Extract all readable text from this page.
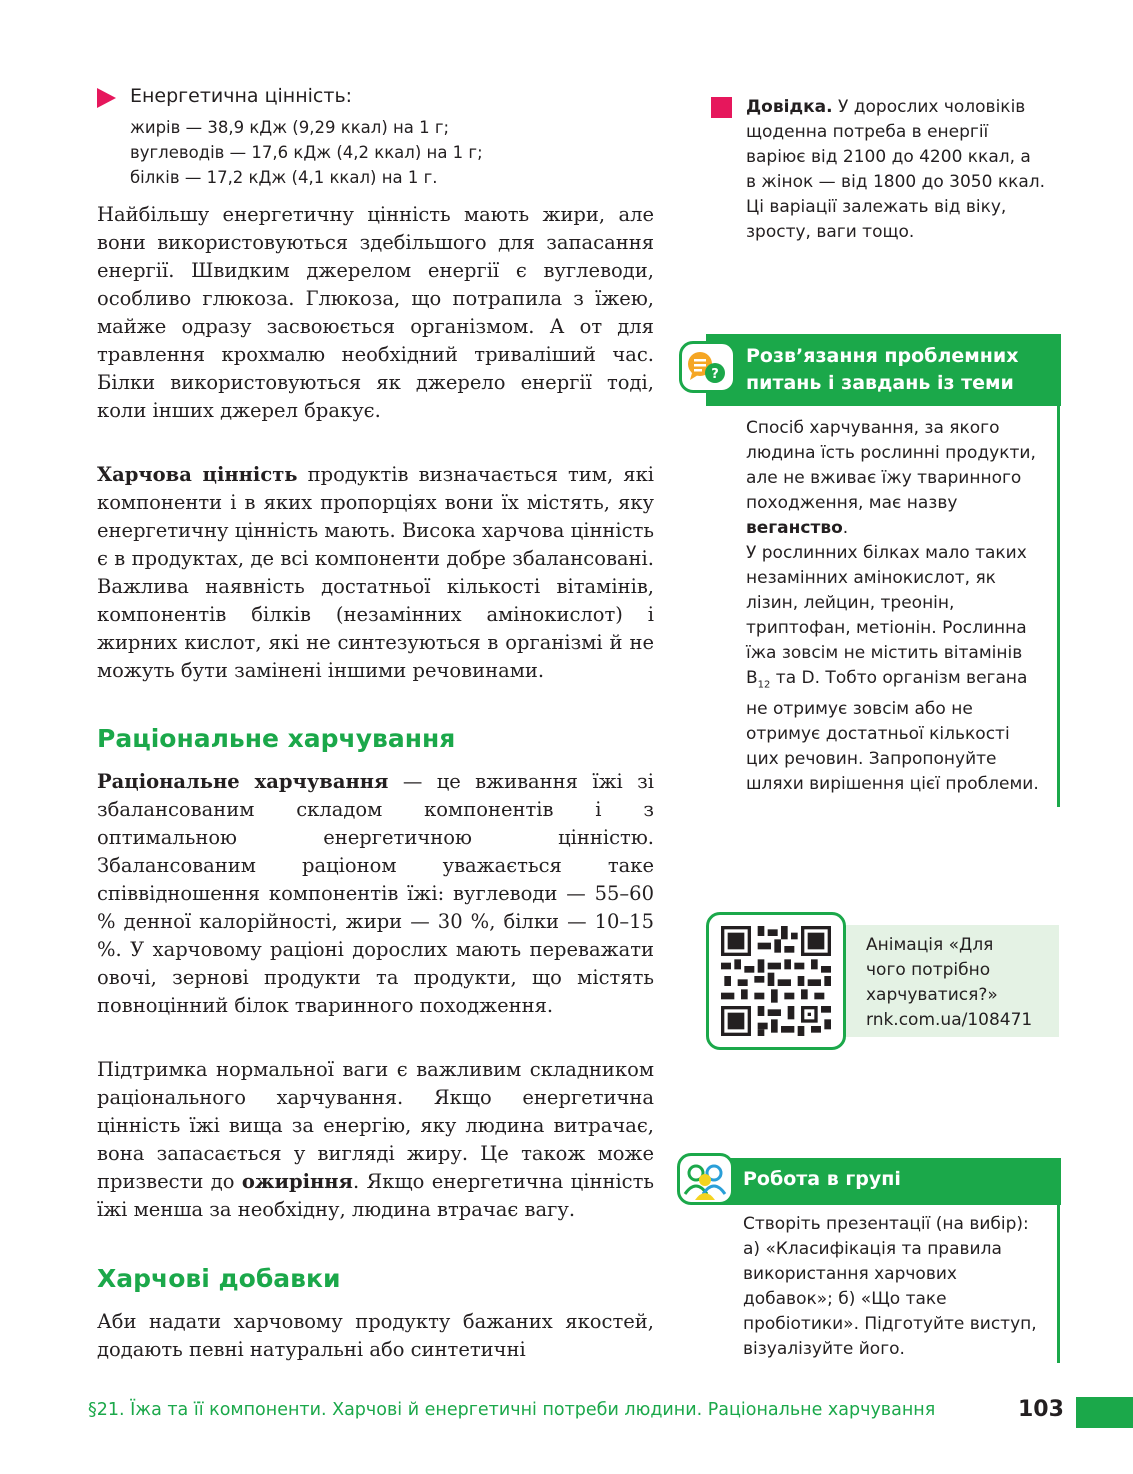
Енергетична цінність:
жирів — 38,9 кДж (9,29 ккал) на 1 г;
вуглеводів — 17,6 кДж (4,2 ккал) на 1 г;
білків — 17,2 кДж (4,1 ккал) на 1 г.

Найбільшу енергетичну цінність мають жири, але вони використовуються здебільшого для запасання енергії. Швидким джерелом енергії є вуглеводи, особливо глюкоза. Глюкоза, що потрапила з їжею, майже одразу засвоюється організмом. А от для травлення крохмалю необхідний триваліший час. Білки використовуються як джерело енергії тоді, коли інших джерел бракує.

Харчова цінність продуктів визначається тим, які компоненти і в яких пропорціях вони їх містять, яку енергетичну цінність мають. Висока харчова цінність є в продуктах, де всі компоненти добре збалансовані. Важлива наявність достатньої кількості вітамінів, компонентів білків (незамінних амінокислот) і жирних кислот, які не синтезуються в організмі й не можуть бути замінені іншими речовинами.

Раціональне харчування

Раціональне харчування — це вживання їжі зі збалансованим складом компонентів і з оптимальною енергетичною цінністю. Збалансованим раціоном уважається таке співвідношення компонентів їжі: вуглеводи — 55–60 % денної калорійності, жири — 30 %, білки — 10–15 %. У харчовому раціоні дорослих мають переважати овочі, зернові продукти та продукти, що містять повноцінний білок тваринного походження.

Підтримка нормальної ваги є важливим складником раціонального харчування. Якщо енергетична цінність їжі вища за енергію, яку людина витрачає, вона запасається у вигляді жиру. Це також може призвести до ожиріння. Якщо енергетична цінність їжі менша за необхідну, людина втрачає вагу.

Харчові добавки

Аби надати харчовому продукту бажаних якостей, додають певні натуральні або синтетичні

Довідка. У дорослих чоловіків щоденна потреба в енергії варіює від 2100 до 4200 ккал, а в жінок — від 1800 до 3050 ккал. Ці варіації залежать від віку, зросту, ваги тощо.
Розв’язання проблемних
питань і завдань із теми
?

Спосіб харчування, за якого людина їсть рослинні продукти, але не вживає їжу тваринного походження, має назву веганство.

У рослинних білках мало таких незамінних амінокислот, як лізин, лейцин, треонін, триптофан, метіонін. Рослинна їжа зовсім не містить вітамінів $B_{12}$ та D. Тобто організм вегана не отримує зовсім або не отримує достатньої кількості цих речовин. Запропонуйте шляхи вирішення цієї проблеми.

Анімація «Для
чого потрібно
харчуватися?»
rnk.com.ua/108471
Робота в групі
Створіть презентації (на вибір): а) «Класифікація та правила використання харчових добавок»; б) «Що таке пробіотики». Підготуйте виступ, візуалізуйте його.
§21. Їжа та її компоненти. Харчові й енергетичні потреби людини. Раціональне харчування	103
